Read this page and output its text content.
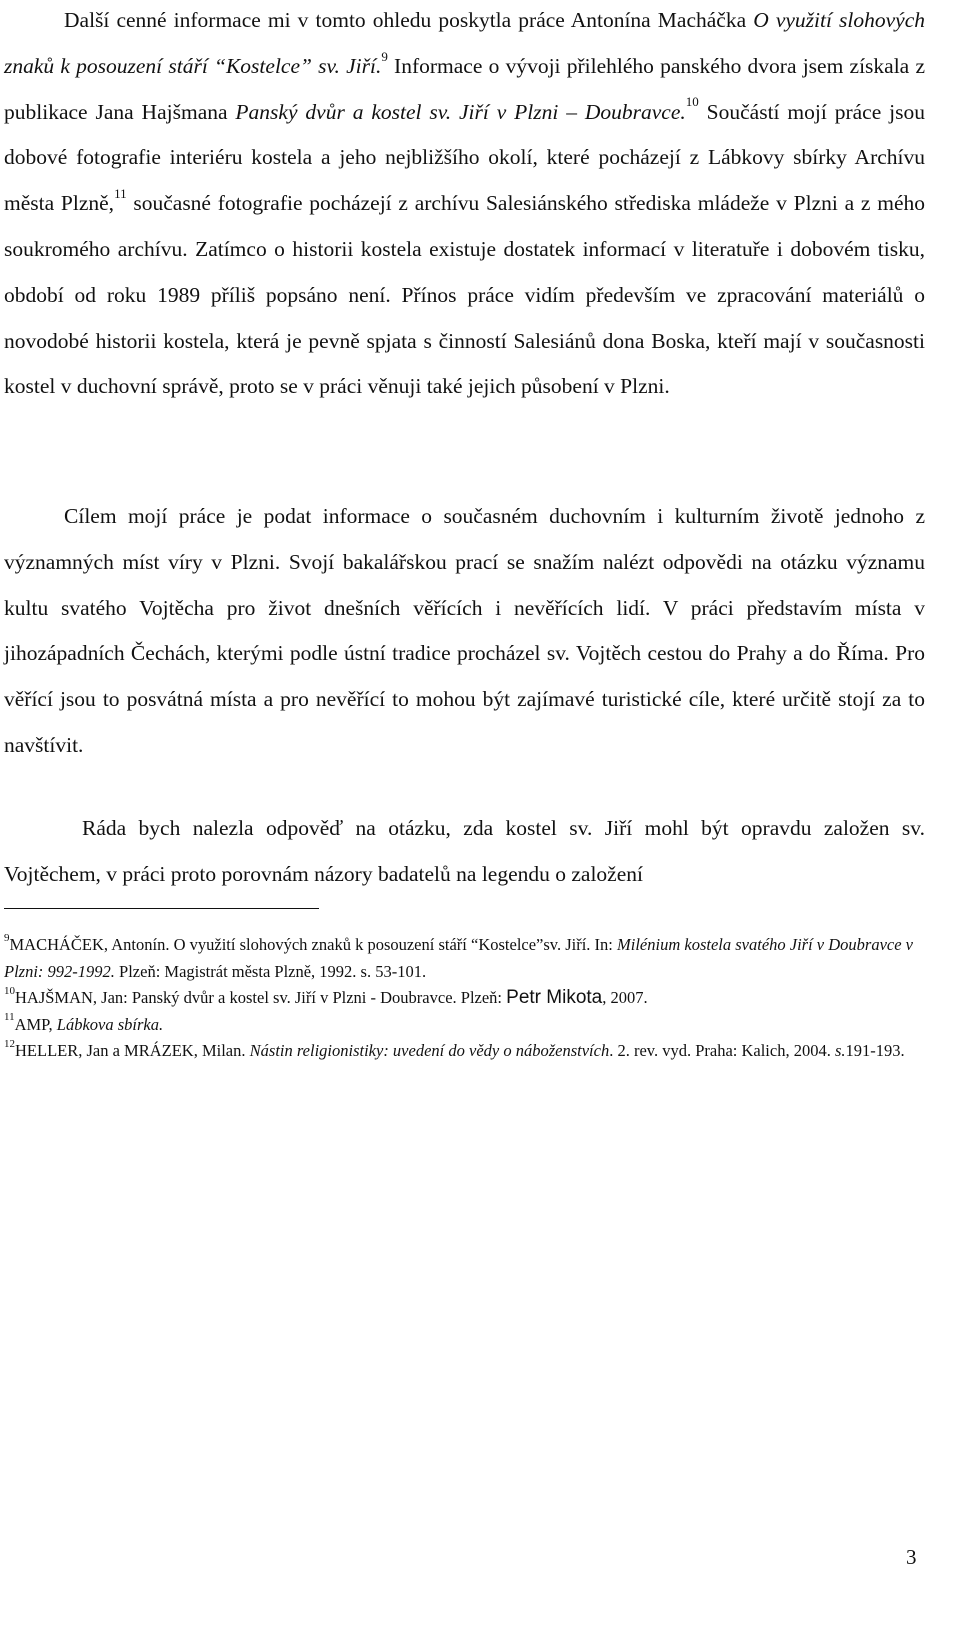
Další cenné informace mi v tomto ohledu poskytla práce Antonína Macháčka O využití slohových znaků k posouzení stáří “Kostelce” sv. Jiří.$^9$ Informace o vývoji přilehlého panského dvora jsem získala z publikace Jana Hajšmana Panský dvůr a kostel sv. Jiří v Plzni – Doubravce.$^{10}$ Součástí mojí práce jsou dobové fotografie interiéru kostela a jeho nejbližšího okolí, které pocházejí z Lábkovy sbírky Archívu města Plzně,$^{11}$ současné fotografie pocházejí z archívu Salesiánského střediska mládeže v Plzni a z mého soukromého archívu. Zatímco o historii kostela existuje dostatek informací v literatuře i dobovém tisku, období od roku 1989 příliš popsáno není. Přínos práce vidím především ve zpracování materiálů o novodobé historii kostela, která je pevně spjata s činností Salesiánů dona Boska, kteří mají v současnosti kostel v duchovní správě, proto se v práci věnuji také jejich působení v Plzni.

Cílem mojí práce je podat informace o současném duchovním i kulturním životě jednoho z významných míst víry v Plzni. Svojí bakalářskou prací se snažím nalézt odpovědi na otázku významu kultu svatého Vojtěcha pro život dnešních věřících i nevěřících lidí. V práci představím místa v jihozápadních Čechách, kterými podle ústní tradice procházel sv. Vojtěch cestou do Prahy a do Říma. Pro věřící jsou to posvátná místa a pro nevěřící to mohou být zajímavé turistické cíle, které určitě stojí za to navštívit.

Ráda bych nalezla odpověď na otázku, zda kostel sv. Jiří mohl být opravdu založen sv. Vojtěchem, v práci proto porovnám názory badatelů na legendu o založení

$^9$MACHÁČEK, Antonín. O využití slohových znaků k posouzení stáří “Kostelce”sv. Jiří. In: Milénium kostela svatého Jiří v Doubravce v Plzni: 992-1992. Plzeň: Magistrát města Plzně, 1992. s. 53-101.

$^{10}$HAJŠMAN, Jan: Panský dvůr a kostel sv. Jiří v Plzni - Doubravce. Plzeň: Petr Mikota, 2007.

$^{11}$AMP, Lábkova sbírka.

$^{12}$HELLER, Jan a MRÁZEK, Milan. Nástin religionistiky: uvedení do vědy o náboženstvích. 2. rev. vyd. Praha: Kalich, 2004. s.191-193.

3
